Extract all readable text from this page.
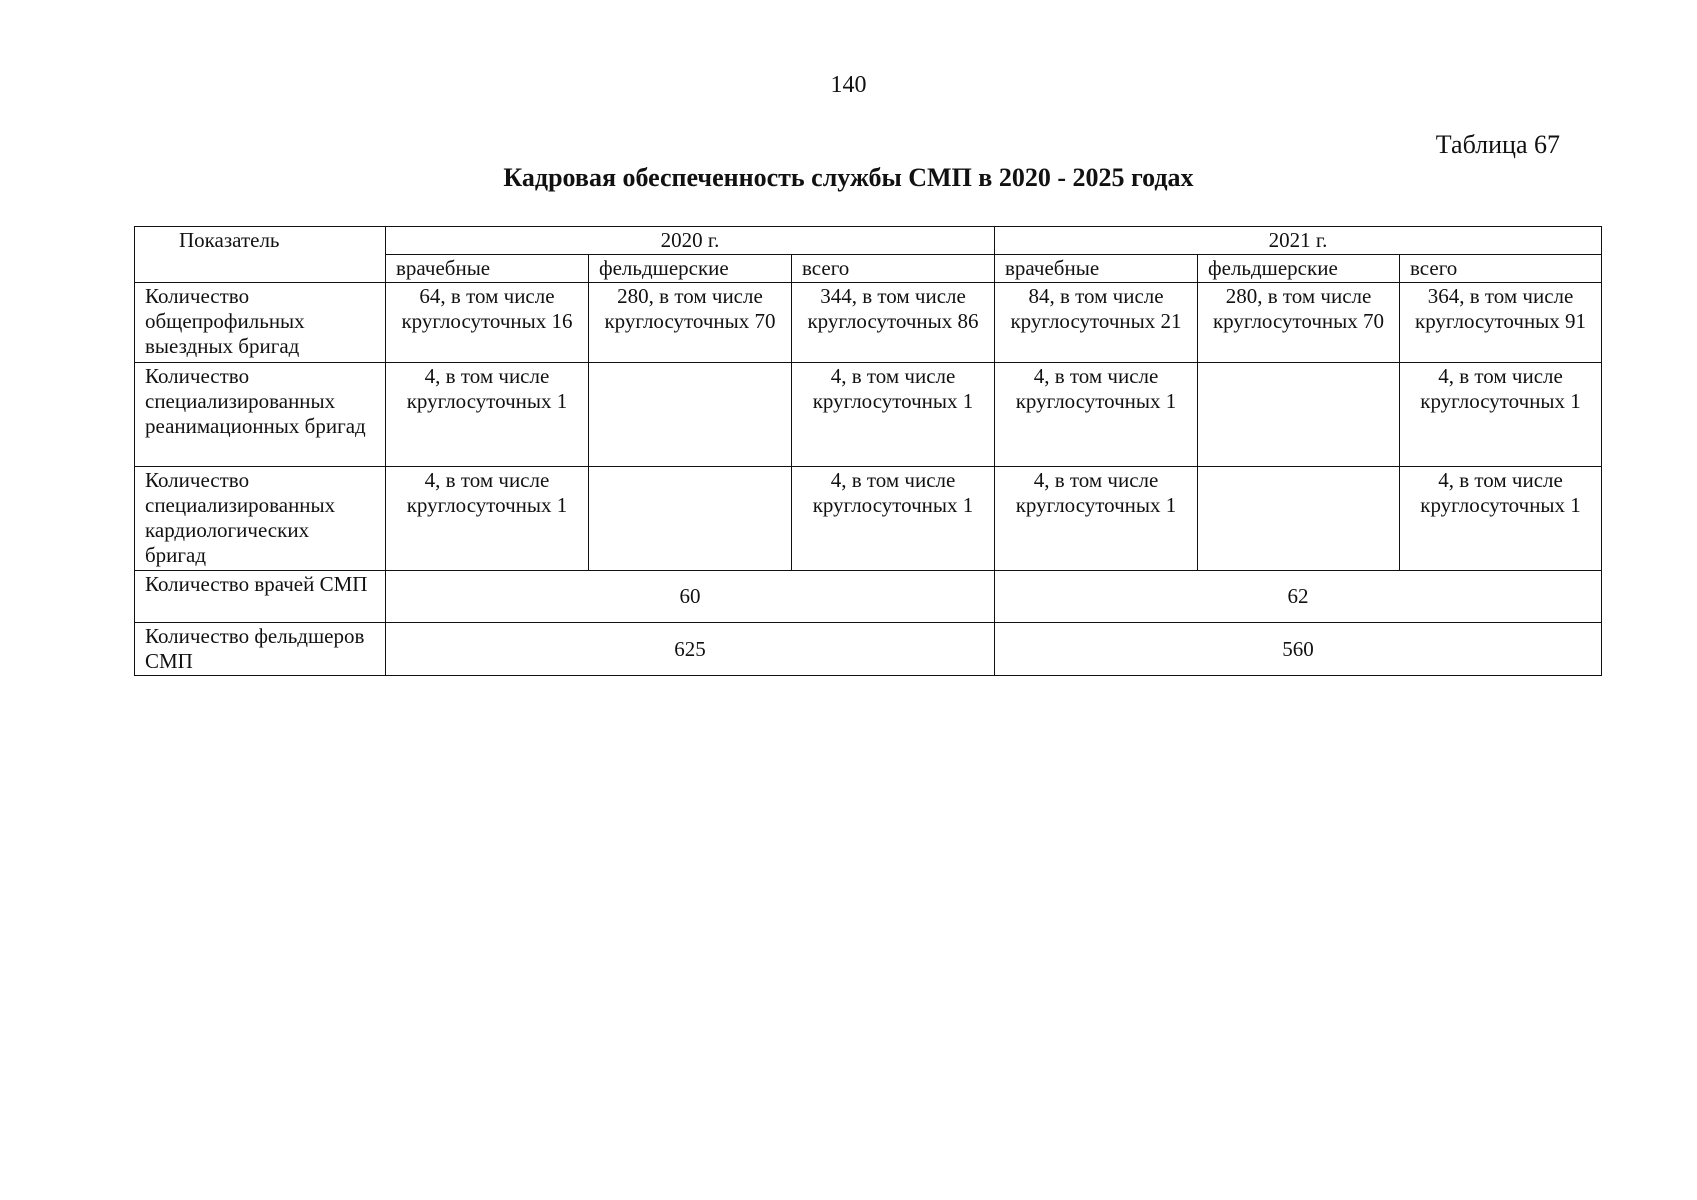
140
Таблица 67
Кадровая обеспеченность службы СМП в 2020 - 2025 годах
Показатель	2020 г.			2021 г.		
	врачебные	фельдшерские	всего	врачебные	фельдшерские	всего
Количество общепрофильных выездных бригад	64, в том числе круглосуточных 16	280, в том числе круглосуточных 70	344, в том числе круглосуточных 86	84, в том числе круглосуточных 21	280, в том числе круглосуточных 70	364, в том числе круглосуточных 91
Количество специализированных реанимационных бригад	4, в том числе круглосуточных 1		4, в том числе круглосуточных 1	4, в том числе круглосуточных 1		4, в том числе круглосуточных 1
Количество специализированных кардиологических бригад	4, в том числе круглосуточных 1		4, в том числе круглосуточных 1	4, в том числе круглосуточных 1		4, в том числе круглосуточных 1
Количество врачей СМП	60			62		
Количество фельдшеров СМП	625			560		
